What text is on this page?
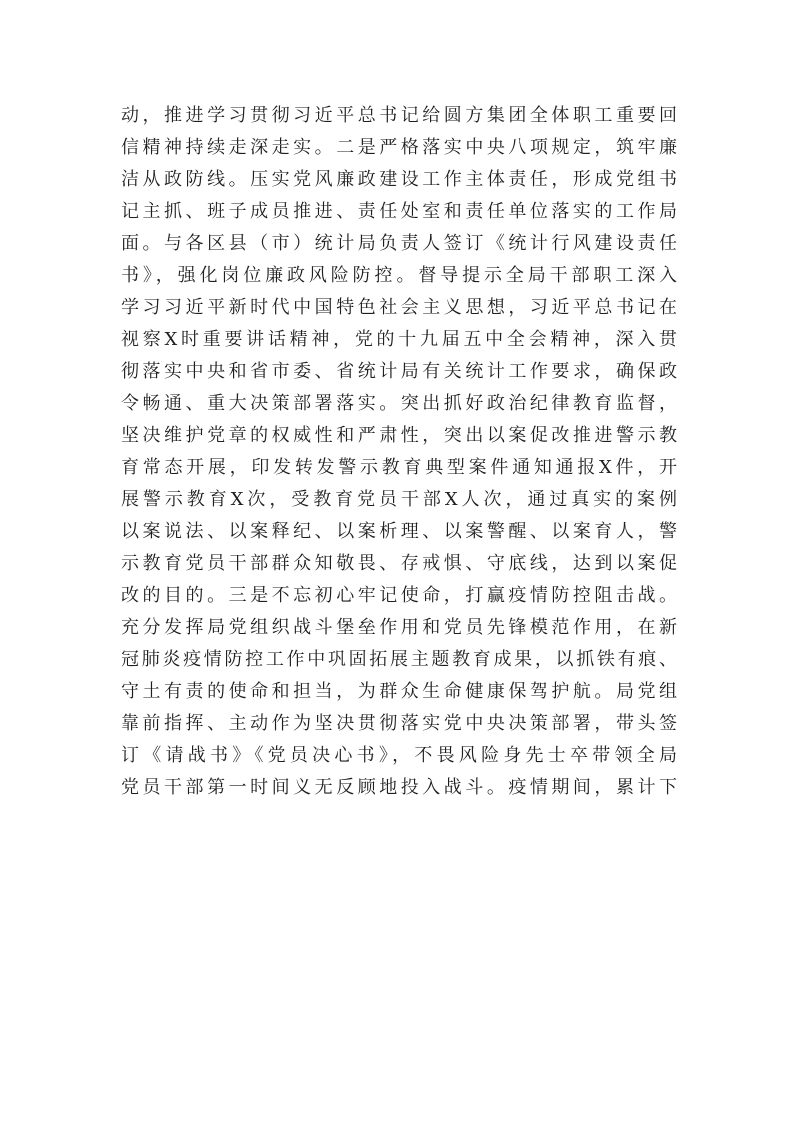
动，推进学习贯彻习近平总书记给圆方集团全体职工重要回
信精神持续走深走实。二是严格落实中央八项规定，筑牢廉
洁从政防线。压实党风廉政建设工作主体责任，形成党组书
记主抓、班子成员推进、责任处室和责任单位落实的工作局
面。与各区县（市）统计局负责人签订《统计行风建设责任
书》，强化岗位廉政风险防控。督导提示全局干部职工深入
学习习近平新时代中国特色社会主义思想，习近平总书记在
视察X时重要讲话精神，党的十九届五中全会精神，深入贯
彻落实中央和省市委、省统计局有关统计工作要求，确保政
令畅通、重大决策部署落实。突出抓好政治纪律教育监督，
坚决维护党章的权威性和严肃性，突出以案促改推进警示教
育常态开展，印发转发警示教育典型案件通知通报X件，开
展警示教育X次，受教育党员干部X人次，通过真实的案例
以案说法、以案释纪、以案析理、以案警醒、以案育人，警
示教育党员干部群众知敬畏、存戒惧、守底线，达到以案促
改的目的。三是不忘初心牢记使命，打赢疫情防控阻击战。
充分发挥局党组织战斗堡垒作用和党员先锋模范作用，在新
冠肺炎疫情防控工作中巩固拓展主题教育成果，以抓铁有痕、
守土有责的使命和担当，为群众生命健康保驾护航。局党组
靠前指挥、主动作为坚决贯彻落实党中央决策部署，带头签
订《请战书》《党员决心书》，不畏风险身先士卒带领全局
党员干部第一时间义无反顾地投入战斗。疫情期间，累计下
